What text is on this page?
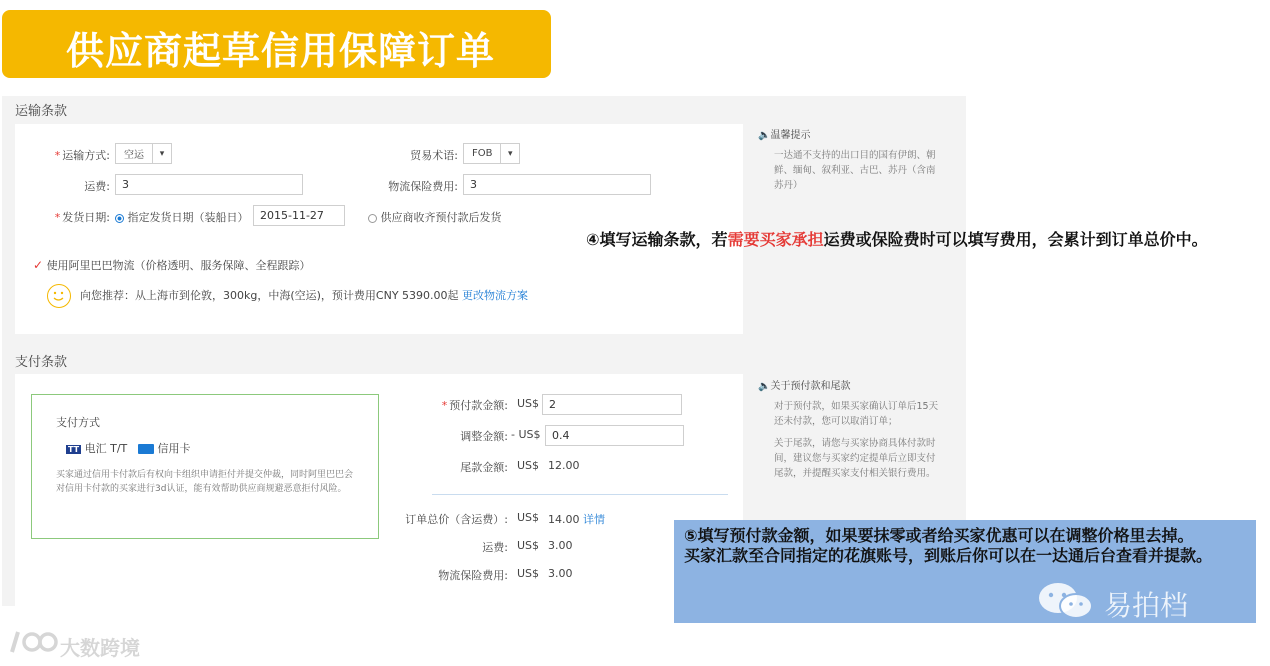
供应商起草信用保障订单
运输条款
* 运输方式:	空运	▾	贸易术语:	FOB	▾
运费:	3	物流保险费用:	3
* 发货日期:	指定发货日期（装船日）	2015-11-27	供应商收齐预付款后发货
✓ 使用阿里巴巴物流（价格透明、服务保障、全程跟踪）
向您推荐：从上海市到伦敦，300kg，中海(空运)，预计费用CNY 5390.00起 更改物流方案
🔈温馨提示
一达通不支持的出口目的国有伊朗、朝鲜、缅甸、叙利亚、古巴、苏丹（含南苏丹）
④填写运输条款，若需要买家承担运费或保险费时可以填写费用，会累计到订单总价中。
支付条款
支付方式
TT 电汇 T/T	信用卡
买家通过信用卡付款后有权向卡组织申请拒付并提交仲裁，同时阿里巴巴会对信用卡付款的买家进行3d认证，能有效帮助供应商规避恶意拒付风险。
* 预付款金额: US$ 2
调整金额: - US$	0.4
尾款金额: US$ 12.00
订单总价（含运费）: US$ 14.00 详情
运费: US$ 3.00
物流保险费用: US$ 3.00
🔈关于预付款和尾款
对于预付款，如果买家确认订单后15天还未付款，您可以取消订单；
关于尾款，请您与买家协商具体付款时间，建议您与买家约定提单后立即支付尾款，并提醒买家支付相关银行费用。
⑤填写预付款金额，如果要抹零或者给买家优惠可以在调整价格里去掉。
买家汇款至合同指定的花旗账号，到账后你可以在一达通后台查看并提款。
易拍档
大数跨境
